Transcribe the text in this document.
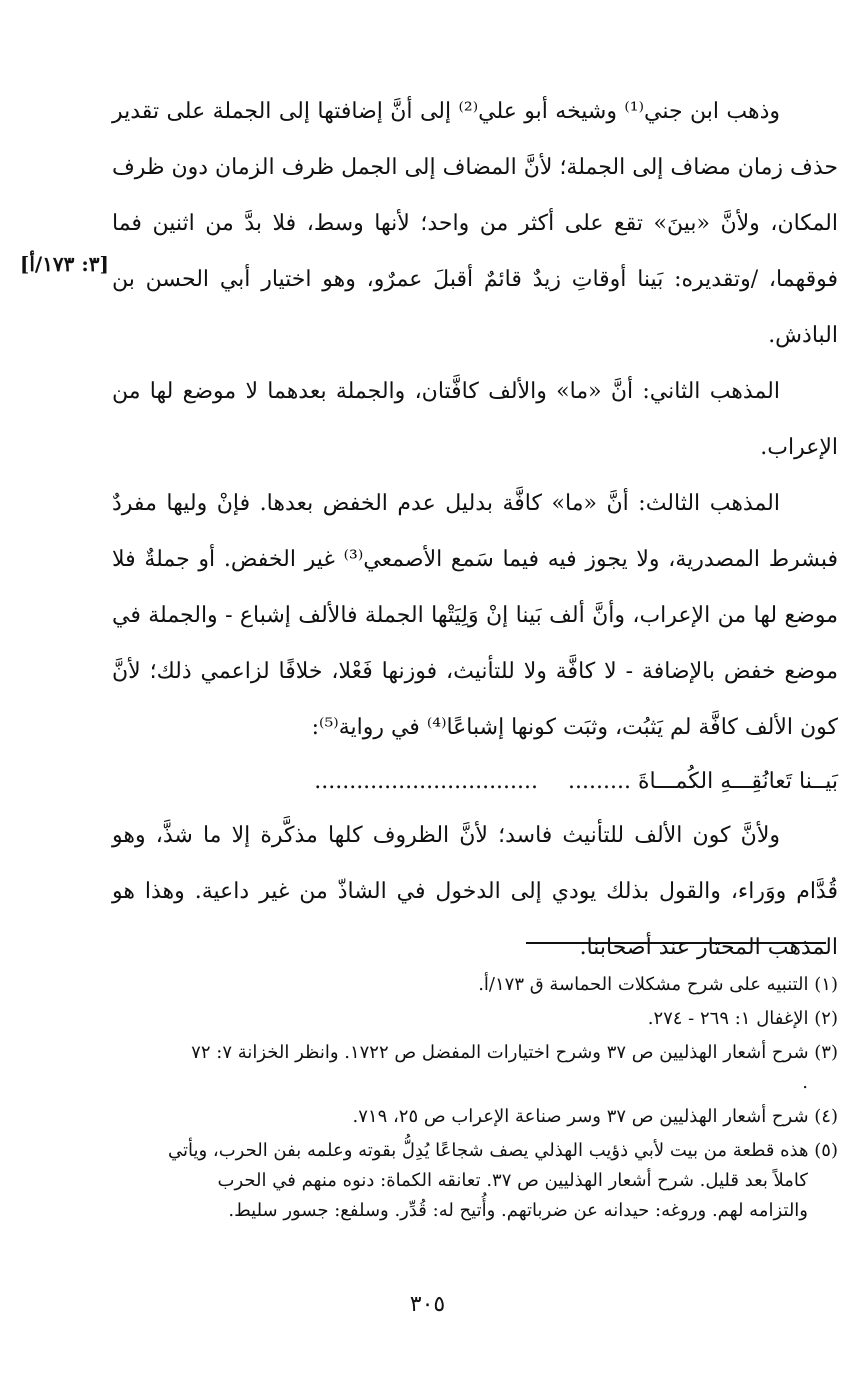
[٣: ١٧٣/أ]

وذهب ابن جني⁽¹⁾ وشيخه أبو علي⁽²⁾ إلى أنَّ إضافتها إلى الجملة على تقدير حذف زمان مضاف إلى الجملة؛ لأنَّ المضاف إلى الجمل ظرف الزمان دون ظرف المكان، ولأنَّ «بينَ» تقع على أكثر من واحد؛ لأنها وسط، فلا بدَّ من اثنين فما فوقهما، /وتقديره: بَينا أوقاتِ زيدٌ قائمٌ أقبلَ عمرٌو، وهو اختيار أبي الحسن بن الباذش.

المذهب الثاني: أنَّ «ما» والألف كافَّتان، والجملة بعدهما لا موضع لها من الإعراب.

المذهب الثالث: أنَّ «ما» كافَّة بدليل عدم الخفض بعدها. فإنْ وليها مفردٌ فبشرط المصدرية، ولا يجوز فيه فيما سَمع الأصمعي⁽³⁾ غير الخفض. أو جملةٌ فلا موضع لها من الإعراب، وأنَّ ألف بَينا إنْ وَلِيَتْها الجملة فالألف إشباع - والجملة في موضع خفض بالإضافة - لا كافَّة ولا للتأنيث، فوزنها فَعْلا، خلافًا لزاعمي ذلك؛ لأنَّ كون الألف كافَّة لم يَثبُت، وثبَت كونها إشباعًا⁽⁴⁾ في رواية⁽⁵⁾:

بَيــنا تَعانُقِـــهِ الكُمـــاةَ .........
................................

ولأنَّ كون الألف للتأنيث فاسد؛ لأنَّ الظروف كلها مذكَّرة إلا ما شذَّ، وهو قُدَّام ووَراء، والقول بذلك يودي إلى الدخول في الشاذّ من غير داعية. وهذا هو المذهب المختار عند أصحابنا.

(١) التنبيه على شرح مشكلات الحماسة ق ١٧٣/أ.

(٢) الإغفال ١: ٢٦٩ - ٢٧٤.

(٣) شرح أشعار الهذليين ص ٣٧ وشرح اختيارات المفضل ص ١٧٢٢. وانظر الخزانة ٧: ٧٢
.

(٤) شرح أشعار الهذليين ص ٣٧ وسر صناعة الإعراب ص ٢٥، ٧١٩.

(٥) هذه قطعة من بيت لأبي ذؤيب الهذلي يصف شجاعًا يُدِلُّ بقوته وعلمه بفن الحرب، ويأتي
كاملاً بعد قليل. شرح أشعار الهذليين ص ٣٧. تعانقه الكماة: دنوه منهم في الحرب
والتزامه لهم. وروغه: حيدانه عن ضرباتهم. وأُتيح له: قُدِّر. وسلفع: جسور سليط.

٣٠٥
